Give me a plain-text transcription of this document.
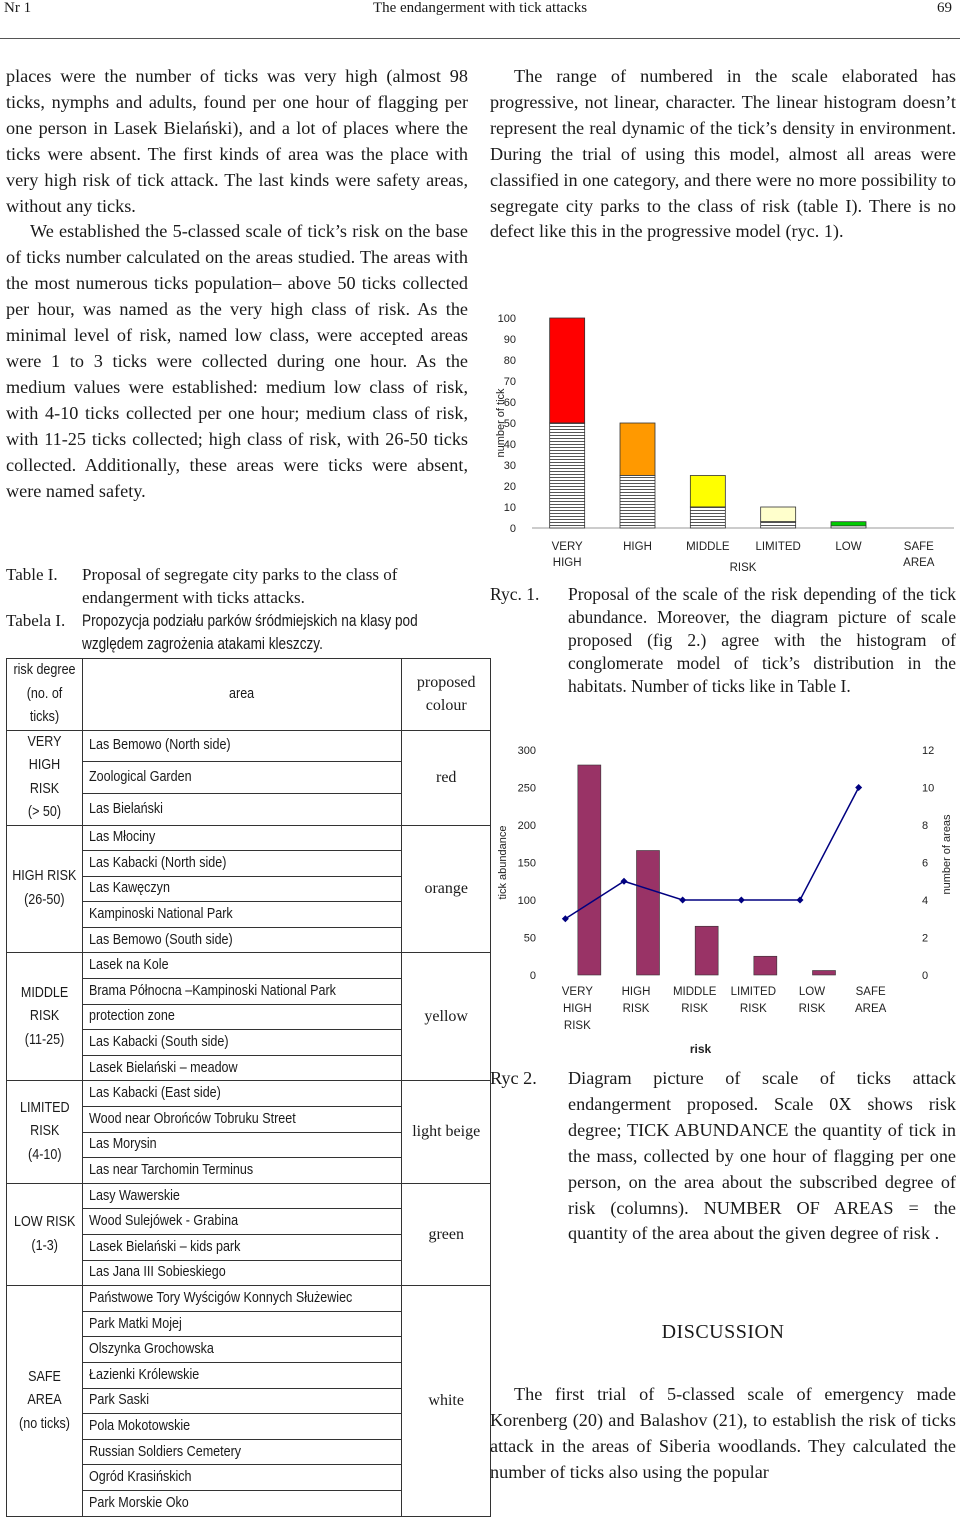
Nr 1	The endangerment with tick attacks	69

places were the number of ticks was very high (almost 98 ticks, nymphs and adults, found per one hour of flagging per one person in Lasek Bielański), and a lot of places where the ticks were absent. The first kinds of area was the place with very high risk of tick attack. The last kinds were safety areas, without any ticks.

We established the 5-classed scale of tick’s risk on the base of ticks number calculated on the areas studied. The areas with the most numerous ticks population– above 50 ticks collected per hour, was named as the very high class of risk. As the minimal level of risk, named low class, were accepted areas were 1 to 3 ticks were collected during one hour. As the medium values were established: medium low class of risk, with 4-10 ticks collected per one hour; medium class of risk, with 11-25 ticks collected; high class of risk, with 26-50 ticks collected. Additionally, these areas were ticks were absent, were named safety.

Table I. Proposal of segregate city parks to the class of endangerment with ticks attacks.
Tabela I. Propozycja podziału parków śródmiejskich na klasy pod względem zagrożenia atakami kleszczy.
risk degree
(no. of ticks)	area	proposed
colour
VERY HIGH
RISK
(> 50)	Las Bemowo (North side)	red
	Zoological Garden	
	Las Bielański	
HIGH RISK
(26-50)	Las Młociny	orange
	Las Kabacki (North side)	
	Las Kawęczyn	
	Kampinoski National Park	
	Las Bemowo (South side)	
MIDDLE
RISK
(11-25)	Lasek na Kole	yellow
	Brama Północna –Kampinoski National Park	
	protection zone	
	Las Kabacki (South side)	
	Lasek Bielański – meadow	
LIMITED
RISK
(4-10)	Las Kabacki (East side)	light beige
	Wood near Obrońców Tobruku Street	
	Las Morysin	
	Las near Tarchomin Terminus	
LOW RISK
(1-3)	Lasy Wawerskie	green
	Wood Sulejówek - Grabina	
	Lasek Bielański – kids park	
	Las Jana III Sobieskiego	
SAFE AREA
(no ticks)	Państwowe Tory Wyścigów Konnych Służewiec	white
	Park Matki Mojej	
	Olszynka Grochowska	
	Łazienki Królewskie	
	Park Saski	
	Pola Mokotowskie	
	Russian Soldiers Cemetery	
	Ogród Krasińskich	
	Park Morskie Oko	

The range of numbered in the scale elaborated has progressive, not linear, character. The linear histogram doesn’t represent the real dynamic of the tick’s density in environment. During the trial of using this model, almost all areas were classified in one category, and there were no more possibility to segregate city parks to the class of risk (table I). There is no defect like this in the progressive model (ryc. 1).

0
10
20
30
40
50
60
70
80
90
100
number of tick
VERY
HIGH
HIGH	MIDDLE LIMITED	LOW	SAFE
AREA
RISK
Ryc. 1. Proposal of the scale of the risk depending of the tick abundance. Moreover, the diagram picture of scale proposed (fig 2.) agree with the histogram of conglomerate model of tick’s distribution in the habitats. Number of ticks like in Table I.
0
50
100
150
200
250
300
0
2
4
6
8
10
12
tick abundance	number of areas
VERY
HIGH
RISK
HIGH
RISK
MIDDLE
RISK
LIMITED
RISK
LOW
RISK
SAFE
AREA
risk
Ryc 2. Diagram picture of scale of ticks attack endangerment proposed. Scale 0X shows risk degree; TICK ABUNDANCE the quantity of tick in the mass, collected by one hour of flagging per one person, on the area about the subscribed degree of risk (columns). NUMBER OF AREAS = the quantity of the area about the given degree of risk .
DISCUSSION

The first trial of 5-classed scale of emergency made Korenberg (20) and Balashov (21), to establish the risk of ticks attack in the areas of Siberia woodlands. They calculated the number of ticks also using the popular
